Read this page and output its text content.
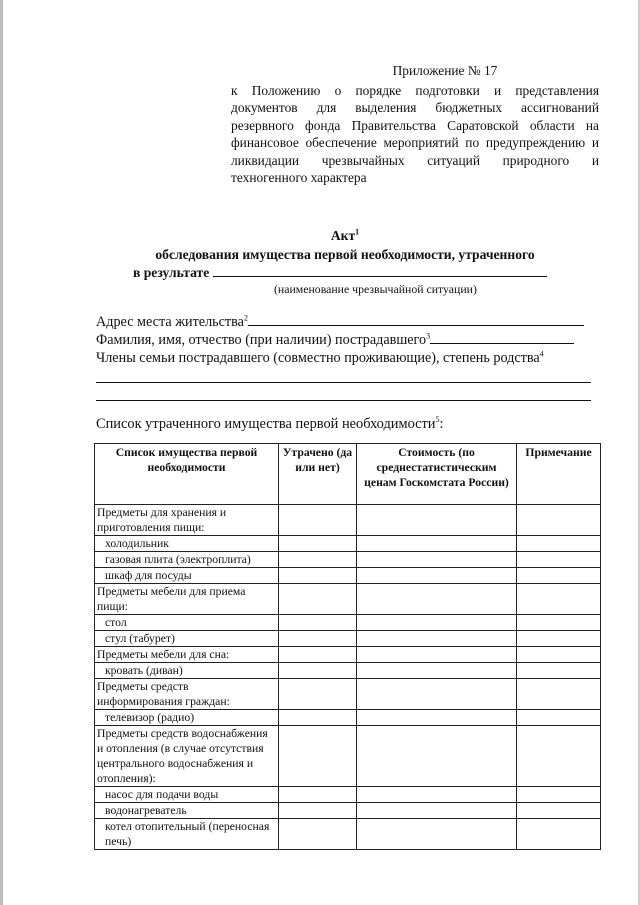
Приложение № 17
к Положению о порядке подготовки и представления документов для выделения бюджетных ассигнований резервного фонда Правительства Саратовской области на финансовое обеспечение мероприятий по предупреждению и ликвидации чрезвычайных ситуаций природного и техногенного характера
Акт$^1$
обследования имущества первой необходимости, утраченного
в результате
(наименование чрезвычайной ситуации)
Адрес места жительства$^2$
Фамилия, имя, отчество (при наличии) пострадавшего$^3$
Члены семьи пострадавшего (совместно проживающие), степень родства$^4$
Список утраченного имущества первой необходимости$^5$:
Список имущества первой необходимости	Утрачено (да или нет)	Стоимость (по среднестатистическим ценам Госкомстата России)	Примечание
Предметы для хранения и приготовления пищи:			
холодильник			
газовая плита (электроплита)			
шкаф для посуды			
Предметы мебели для приема пищи:			
стол			
стул (табурет)			
Предметы мебели для сна:			
кровать (диван)			
Предметы средств информирования граждан:			
телевизор (радио)			
Предметы средств водоснабжения и отопления (в случае отсутствия центрального водоснабжения и отопления):			
насос для подачи воды			
водонагреватель			
котел отопительный (переносная печь)			
